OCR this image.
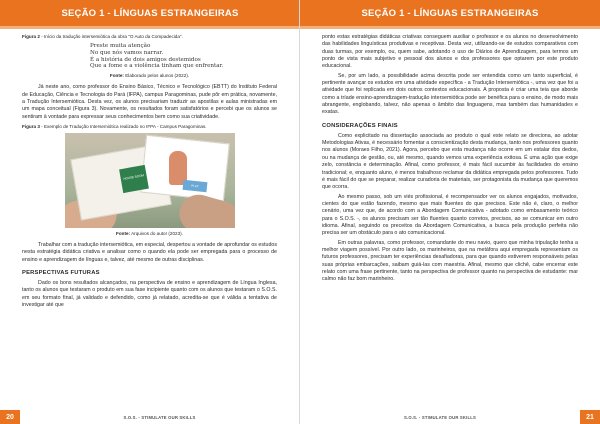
SEÇÃO 1 - LÍNGUAS ESTRANGEIRAS
Figura 2 - Início da tradução intersemiótica da obra "O Auto da Compadecida".
Preste muita atenção
No que nós vamos narrar.
É a história de dois amigos destemidos
Que a fome e a violência tinham que enfrentar.
Fonte: Elaborado pelos alunos (2022).

Já neste ano, como professor do Ensino Básico, Técnico e Tecnológico (EBTT) do Instituto Federal de Educação, Ciência e Tecnologia do Pará (IFPA), campus Paragominas, pude pôr em prática, novamente, a Tradução Intersemiótica. Desta vez, os alunos precisariam traduzir as apostilas e aulas ministradas em um mapa conceitual (Figura 3). Novamente, os resultados foram satisfatórios e percebi que os alunos se sentiram à vontade para expressar seus conhecimentos bem como sua criatividade.

Figura 3 - Exemplo de Tradução Intersemiótica realizado no IFPA - Campus Paragominas.
HOUSE ROOM
PLAY
Fonte: Arquivos do autor (2023).

Trabalhar com a tradução intersemiótica, em especial, despertou a vontade de aprofundar os estudos nesta estratégia didática criativa e analisar como o quando ela pode ser empregada para o processo de ensino e aprendizagem de línguas e, talvez, até mesmo de outras disciplinas.

PERSPECTIVAS FUTURAS

Dado os bons resultados alcançados, na perspectiva de ensino e aprendizagem de Língua Inglesa, tanto os alunos que testaram o produto em sua fase incipiente quanto com os alunos que testaram o S.O.S. em seu formato final, já validado e defendido, como já relatado, acredita-se que é válida a tentativa de investigar até que

20	S.O.S. - STIMULATE OUR SKILLS
SEÇÃO 1 - LÍNGUAS ESTRANGEIRAS

ponto estas estratégias didáticas criativas conseguem auxiliar o professor e os alunos no desenvolvimento das habilidades linguísticas produtivas e receptivas. Desta vez, utilizando-se de estudos comparativos com duas turmas, por exemplo, ou, quem sabe, adotando o uso de Diários de Aprendizagem, para termos um ponto de vista mais subjetivo e pessoal dos alunos e dos professores que optarem por este produto educacional.

Se, por um lado, a possibilidade acima descrita pode ser entendida como um tanto superficial, é pertinente avançar os estudos em uma atividade específica - a Tradução Intersemiótica -, uma vez que foi a atividade que foi replicada em dois outros contextos educacionais. A proposta é criar uma teia que aborde como a tríade ensino-aprendizagem-tradução intersemiótica pode ser benéfica para o ensino, de modo mais abrangente, englobando, talvez, não apenas o âmbito das linguagens, mas também das humanidades e exatas.

CONSIDERAÇÕES FINAIS

Como explicitado na dissertação associada ao produto o qual este relato se direciona, ao adotar Metodologias Ativas, é necessário fomentar a conscientização desta mudança, tanto nos professores quanto nos alunos (Moraes Filho, 2021). Agora, percebo que esta mudança não ocorre em um estalar dos dedos, ou na mudança de gestão, ou, até mesmo, quando vemos uma experiência exitosa. É uma ação que exige zelo, constância e determinação. Afinal, como professor, é mais fácil sucumbir às facilidades do ensino tradicional; e, enquanto aluno, é menos trabalhoso reclamar da didática empregada pelos professores. Tudo é mais fácil do que se preparar, realizar curadoria de materiais, ser protagonista da mudança que queremos que ocorra.

Ao mesmo passo, sob um viés profissional, é recompensador ver os alunos engajados, motivados, cientes do que estão fazendo, mesmo que mais fluentes do que precisos. Este não é, claro, o melhor cenário, uma vez que, de acordo com a Abordagem Comunicativa - adotado como embasamento teórico para o S.O.S. -, os alunos precisam ser tão fluentes quanto corretos, precisos, ao se comunicar em outro idioma. Afinal, seguindo os preceitos da Abordagem Comunicativa, a busca pela produção perfeita não precisa ser um obstáculo para o ato comunicacional.

Em outras palavras, como professor, comandante do meu navio, quero que minha tripulação tenha a melhor viagem possível. Por outro lado, os marinheiros, que na metáfora aqui empregada representam os futuros professores, precisam ter experiências desafiadoras, para que quando estiverem responsáveis pelas suas próprias embarcações, saibam guiá-las com maestria. Afinal, mesmo que clichê, cabe encerrar este relato com uma frase pertinente, tanto na perspectiva de professor quanto na perspectiva de estudante: mar calmo não faz bom marinheiro.

S.O.S. - STIMULATE OUR SKILLS	21
